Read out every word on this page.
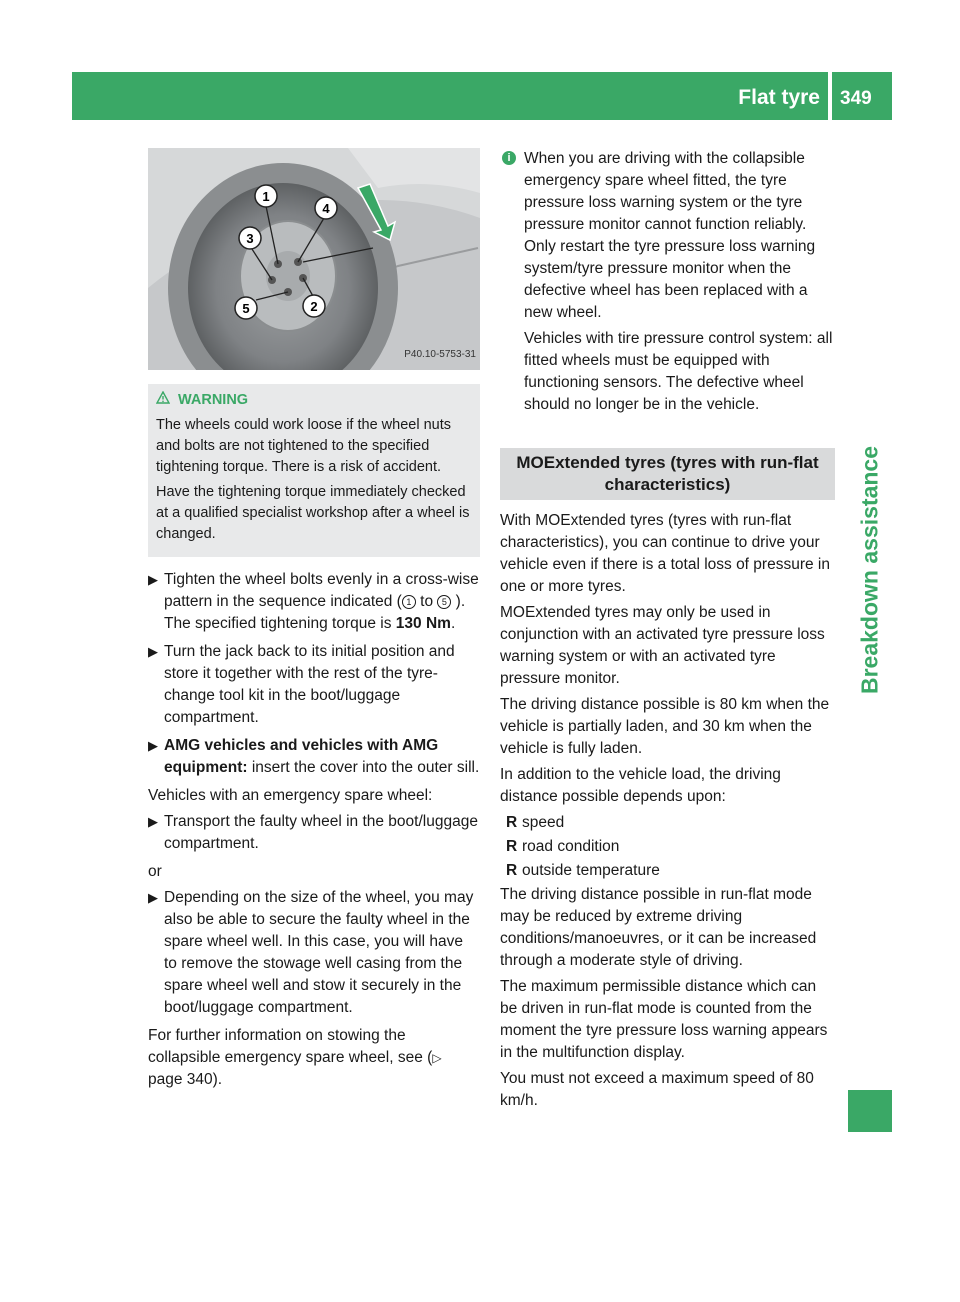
Flat tyre 349
Breakdown assistance
1
2
3
4
5
P40.10-5753-31
WARNING

The wheels could work loose if the wheel nuts and bolts are not tightened to the specified tightening torque. There is a risk of accident.

Have the tightening torque immediately checked at a qualified specialist workshop after a wheel is changed.

▶ Tighten the wheel bolts evenly in a cross-wise pattern in the sequence indicated ( 1 to 5 ). The specified tightening torque is 130 Nm.
▶ Turn the jack back to its initial position and store it together with the rest of the tyre-change tool kit in the boot/luggage compartment.
▶ AMG vehicles and vehicles with AMG equipment: insert the cover into the outer sill.

Vehicles with an emergency spare wheel:

▶ Transport the faulty wheel in the boot/luggage compartment.

or

▶ Depending on the size of the wheel, you may also be able to secure the faulty wheel in the spare wheel well. In this case, you will have to remove the stowage well casing from the spare wheel well and stow it securely in the boot/luggage compartment.

For further information on stowing the collapsible emergency spare wheel, see (▷ page 340).

i When you are driving with the collapsible emergency spare wheel fitted, the tyre pressure loss warning system or the tyre pressure monitor cannot function reliably. Only restart the tyre pressure loss warning system/tyre pressure monitor when the defective wheel has been replaced with a new wheel.

Vehicles with tire pressure control system: all fitted wheels must be equipped with functioning sensors. The defective wheel should no longer be in the vehicle.

MOExtended tyres (tyres with run-flat characteristics)

With MOExtended tyres (tyres with run-flat characteristics), you can continue to drive your vehicle even if there is a total loss of pressure in one or more tyres.

MOExtended tyres may only be used in conjunction with an activated tyre pressure loss warning system or with an activated tyre pressure monitor.

The driving distance possible is 80 km when the vehicle is partially laden, and 30 km when the vehicle is fully laden.

In addition to the vehicle load, the driving distance possible depends upon:

R speed
R road condition
R outside temperature

The driving distance possible in run-flat mode may be reduced by extreme driving conditions/manoeuvres, or it can be increased through a moderate style of driving.

The maximum permissible distance which can be driven in run-flat mode is counted from the moment the tyre pressure loss warning appears in the multifunction display.

You must not exceed a maximum speed of 80 km/h.
